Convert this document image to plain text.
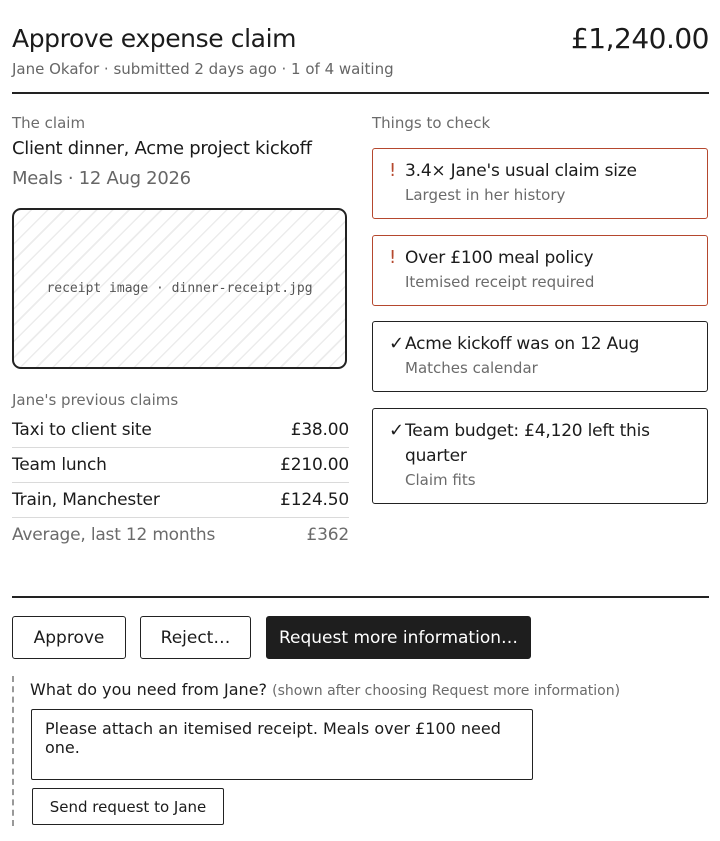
Approve expense claim	£1,240.00
Jane Okafor · submitted 2 days ago · 1 of 4 waiting
The claim
Client dinner, Acme project kickoff
Meals · 12 Aug 2026
receipt image · dinner-receipt.jpg
Jane's previous claims
Taxi to client site	£38.00
Team lunch	£210.00
Train, Manchester	£124.50
Average, last 12 months	£362
Things to check
! 3.4× Jane's usual claim size
Largest in her history
! Over £100 meal policy
Itemised receipt required
✓ Acme kickoff was on 12 Aug
Matches calendar
✓ Team budget: £4,120 left this quarter
Claim fits
Approve	Reject…	Request more information…
What do you need from Jane? (shown after choosing Request more information)
Please attach an itemised receipt. Meals over £100 need one.
Send request to Jane
